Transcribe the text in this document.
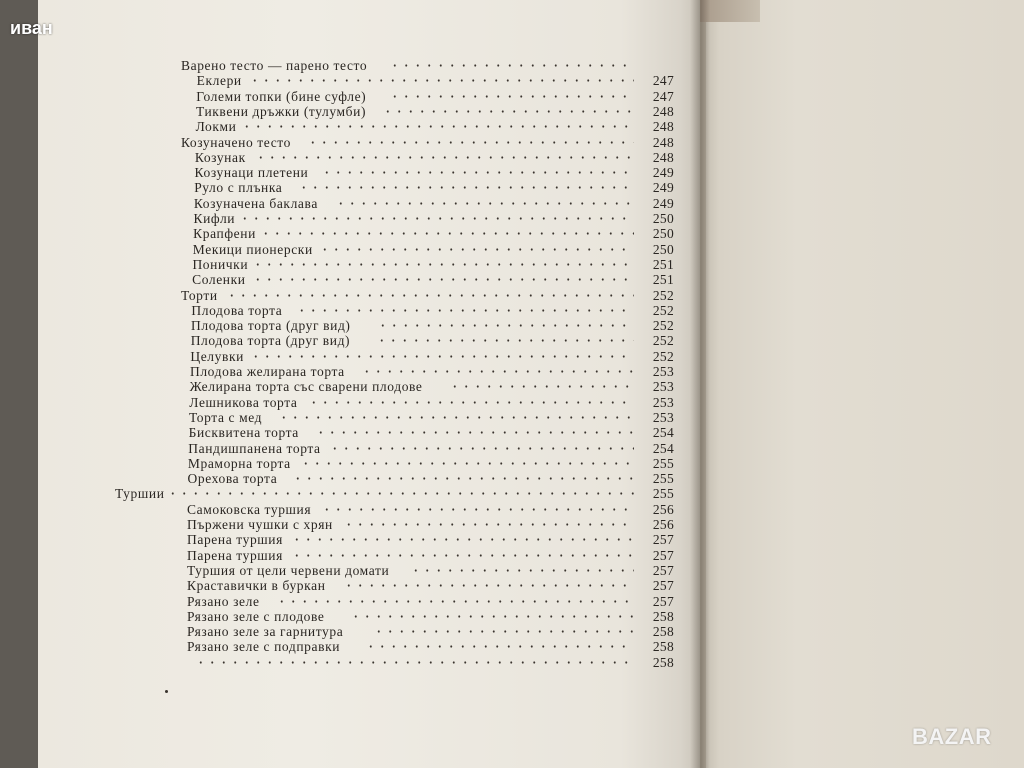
Варено тесто — парено тесто
Еклери	247
Големи топки (бине суфле)	247
Тиквени дръжки (тулумби)	248
Локми	248
Козуначено тесто	248
Козунак	248
Козунаци плетени	249
Руло с плънка	249
Козуначена баклава	249
Кифли	250
Крапфени	250
Мекици пионерски	250
Понички	251
Соленки	251
Торти	252
Плодова торта	252
Плодова торта (друг вид)	252
Плодова торта (друг вид)	252
Целувки	252
Плодова желирана торта	253
Желирана торта със сварени плодове	253
Лешникова торта	253
Торта с мед	253
Бисквитена торта	254
Пандишпанена торта	254
Мраморна торта	255
Орехова торта	255
Туршии	255
Самоковска туршия	256
Пържени чушки с хрян	256
Парена туршия	257
Парена туршия	257
Туршия от цели червени домати	257
Краставички в буркан	257
Рязано зеле	257
Рязано зеле с плодове	258
Рязано зеле за гарнитура	258
Рязано зеле с подправки	258
258
иван
BAZAR
